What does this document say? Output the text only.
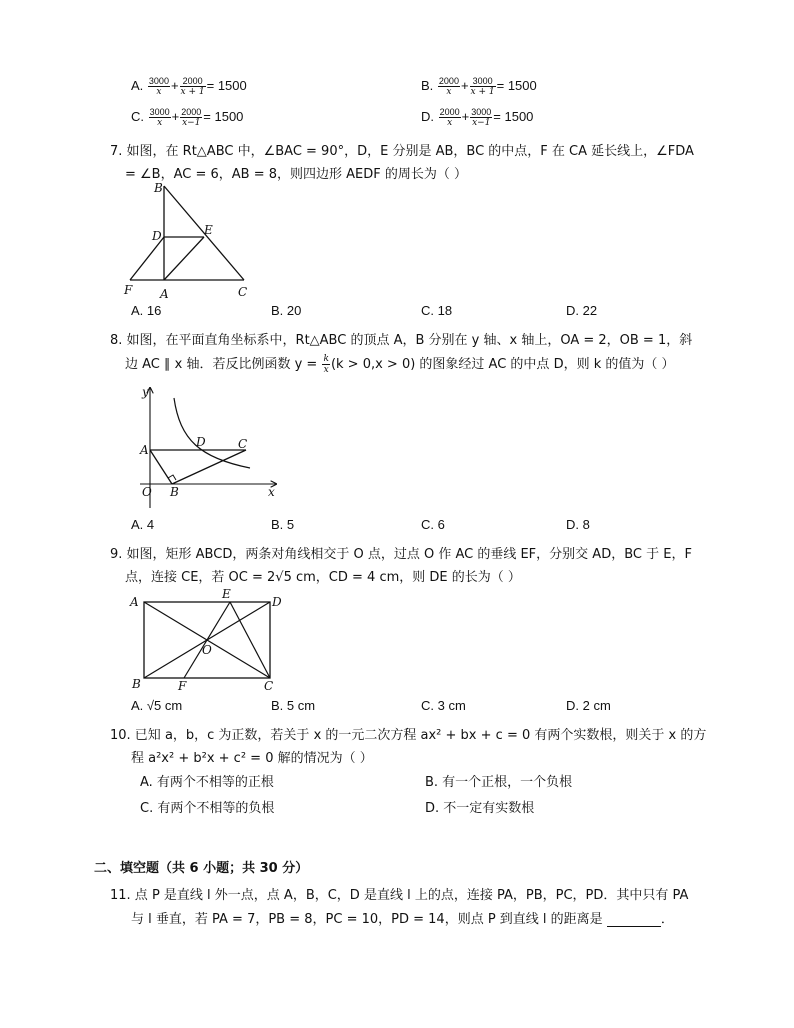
A. $\frac{3000}{x} + \frac{2000}{x + 1} = 1500$	B. $\frac{2000}{x} + \frac{3000}{x + 1} = 1500$
C. $\frac{3000}{x} + \frac{2000}{x-1} = 1500$	D. $\frac{2000}{x} + \frac{3000}{x-1} = 1500$
7. 如图，在 Rt△ABC 中，∠BAC = 90°，D，E 分别是 AB，BC 的中点，F 在 CA 延长线上，∠FDA
= ∠B，AC = 6，AB = 8，则四边形 AEDF 的周长为（ ）
B
D	E
F A	C
A. 16	B. 20	C. 18	D. 22
8. 如图，在平面直角坐标系中，Rt△ABC 的顶点 A，B 分别在 y 轴、x 轴上，OA = 2，OB = 1，斜
边 AC ∥ x 轴．若反比例函数 $y = \frac{k}{x} (k > 0,x > 0)$ 的图象经过 AC 的中点 D，则 k 的值为（ ）
y
x
A
D	C
O B
A. 4	B. 5	C. 6	D. 8
9. 如图，矩形 ABCD，两条对角线相交于 O 点，过点 O 作 AC 的垂线 EF，分别交 AD，BC 于 E，F
点，连接 CE，若 OC = 2√5 cm，CD = 4 cm，则 DE 的长为（ ）
A
E
D
O
B	F	C
A. √5 cm	B. 5 cm	C. 3 cm	D. 2 cm
10. 已知 a，b，c 为正数，若关于 x 的一元二次方程 ax² + bx + c = 0 有两个实数根，则关于 x 的方
程 a²x² + b²x + c² = 0 解的情况为（ ）
A. 有两个不相等的正根	B. 有一个正根，一个负根
C. 有两个不相等的负根	D. 不一定有实数根
二、填空题（共 6 小题；共 30 分）
11. 点 P 是直线 l 外一点，点 A，B，C，D 是直线 l 上的点，连接 PA，PB，PC，PD．其中只有 PA
与 l 垂直，若 PA = 7，PB = 8，PC = 10，PD = 14，则点 P 到直线 l 的距离是	．
